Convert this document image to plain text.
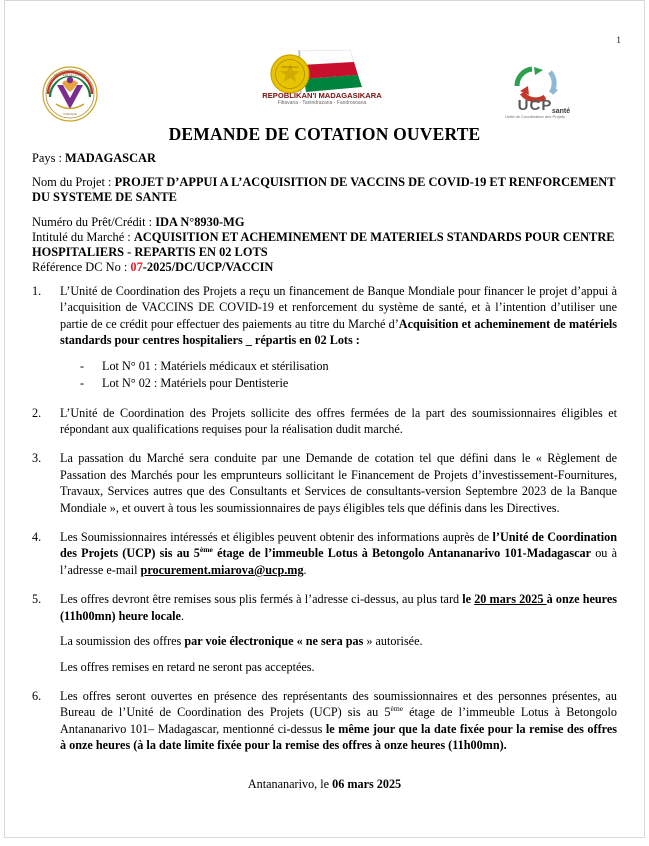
1
MINISTERE DE LA SANTE
PUBLIQUE
REPOBLIKA
REPOBLIKAN'I MADAGASIKARA
Fitiavana - Tanindrazana - Fandrosoana	UCP santé
Unité de Coordination des Projets
DEMANDE DE COTATION OUVERTE
Pays : MADAGASCAR
Nom du Projet : PROJET D’APPUI A L’ACQUISITION DE VACCINS DE COVID-19 ET RENFORCEMENT DU SYSTEME DE SANTE
Numéro du Prêt/Crédit : IDA N°8930-MG
Intitulé du Marché : ACQUISITION ET ACHEMINEMENT DE MATERIELS STANDARDS POUR CENTRE HOSPITALIERS - REPARTIS EN 02 LOTS
Référence DC No : 07-2025/DC/UCP/VACCIN
1.	L’Unité de Coordination des Projets a reçu un financement de Banque Mondiale pour financer le projet d’appui à l’acquisition de VACCINS DE COVID-19 et renforcement du système de santé, et à l’intention d’utiliser une partie de ce crédit pour effectuer des paiements au titre du Marché d’Acquisition et acheminement de matériels standards pour centres hospitaliers _ répartis en 02 Lots :

- Lot N° 01 : Matériels médicaux et stérilisation
- Lot N° 02 : Matériels pour Dentisterie
2.	L’Unité de Coordination des Projets sollicite des offres fermées de la part des soumissionnaires éligibles et répondant aux qualifications requises pour la réalisation dudit marché.

3.	La passation du Marché sera conduite par une Demande de cotation tel que défini dans le « Règlement de Passation des Marchés pour les emprunteurs sollicitant le Financement de Projets d’investissement-Fournitures, Travaux, Services autres que des Consultants et Services de consultants-version Septembre 2023 de la Banque Mondiale », et ouvert à tous les soumissionnaires de pays éligibles tels que définis dans les Directives.

4.	Les Soumissionnaires intéressés et éligibles peuvent obtenir des informations auprès de l’Unité de Coordination des Projets (UCP) sis au 5ème étage de l’immeuble Lotus à Betongolo Antananarivo 101-Madagascar ou à l’adresse e-mail procurement.miarova@ucp.mg.

5.	Les offres devront être remises sous plis fermés à l’adresse ci-dessus, au plus tard le 20 mars 2025 à onze heures (11h00mn) heure locale.

La soumission des offres par voie électronique « ne sera pas » autorisée.

Les offres remises en retard ne seront pas acceptées.

6.	Les offres seront ouvertes en présence des représentants des soumissionnaires et des personnes présentes, au Bureau de l’Unité de Coordination des Projets (UCP) sis au 5ème étage de l’immeuble Lotus à Betongolo Antananarivo 101– Madagascar, mentionné ci-dessus le même jour que la date fixée pour la remise des offres à onze heures (à la date limite fixée pour la remise des offres à onze heures (11h00mn).

Antananarivo, le 06 mars 2025
